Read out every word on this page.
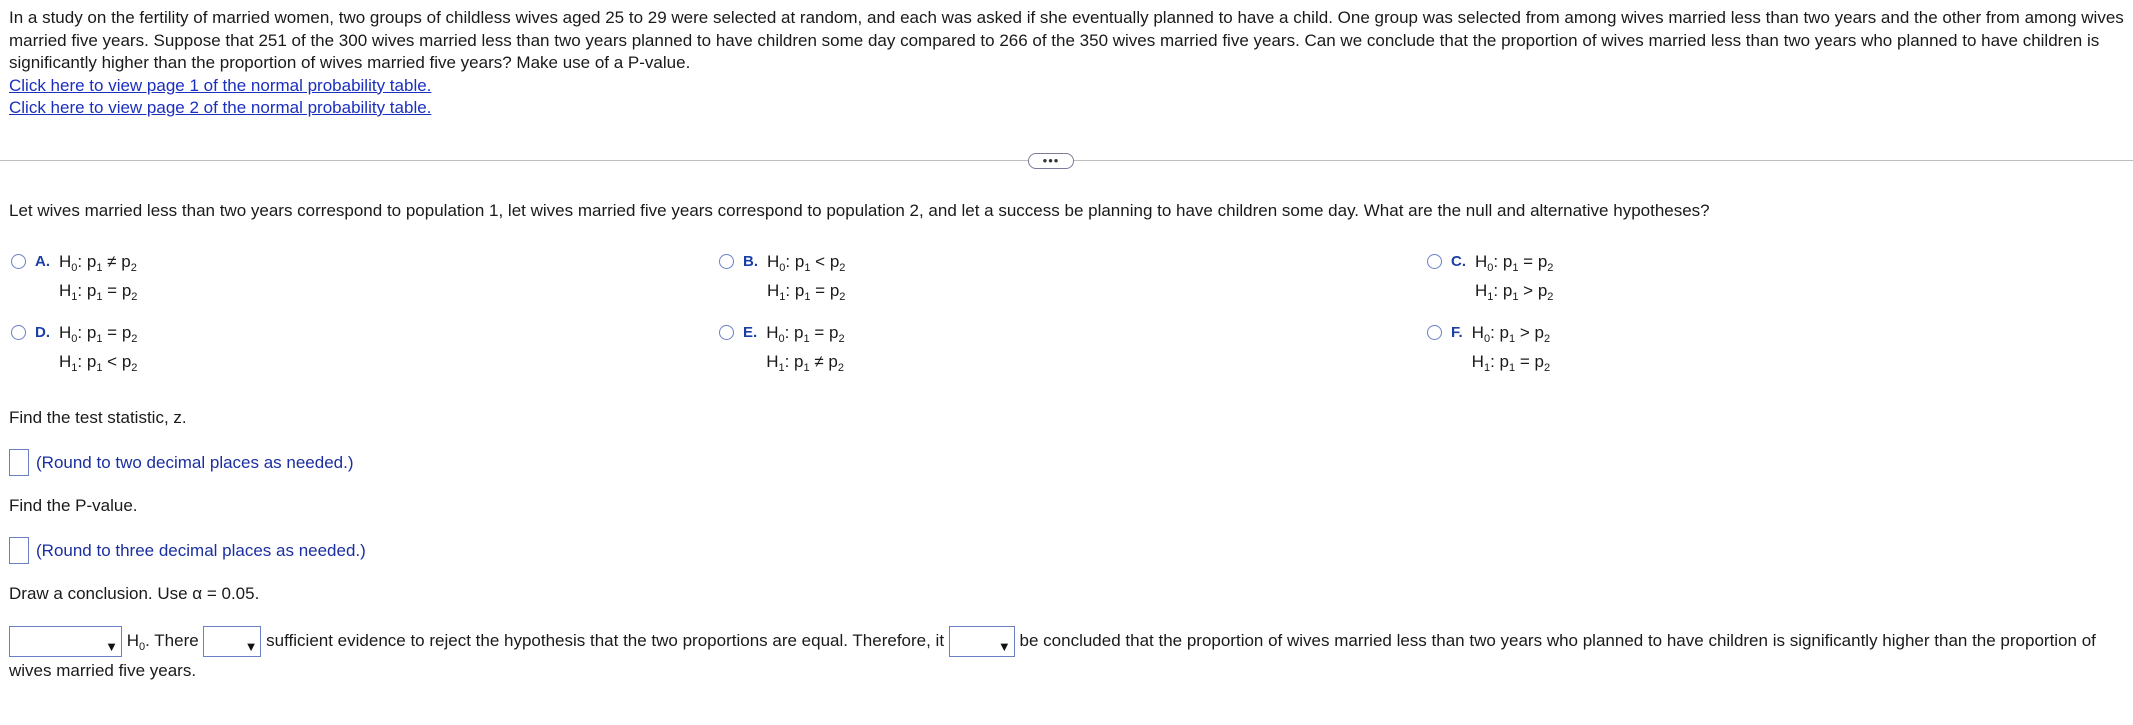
In a study on the fertility of married women, two groups of childless wives aged 25 to 29 were selected at random, and each was asked if she eventually planned to have a child. One group was selected from among wives married less than two years and the other from among wives married five years. Suppose that 251 of the 300 wives married less than two years planned to have children some day compared to 266 of the 350 wives married five years. Can we conclude that the proportion of wives married less than two years who planned to have children is significantly higher than the proportion of wives married five years? Make use of a P-value.

Click here to view page 1 of the normal probability table.
Click here to view page 2 of the normal probability table.
•••
Let wives married less than two years correspond to population 1, let wives married five years correspond to population 2, and let a success be planning to have children some day. What are the null and alternative hypotheses?
A. $H_0$: $p_1 \ne p_2$
$H_1$: $p_1 = p_2$
B. $H_0$: $p_1 < p_2$
$H_1$: $p_1 = p_2$
C. $H_0$: $p_1 = p_2$
$H_1$: $p_1 > p_2$
D. $H_0$: $p_1 = p_2$
$H_1$: $p_1 < p_2$
E. $H_0$: $p_1 = p_2$
$H_1$: $p_1 \ne p_2$
F. $H_0$: $p_1 > p_2$
$H_1$: $p_1 = p_2$
Find the test statistic, z.
(Round to two decimal places as needed.)
Find the P-value.
(Round to three decimal places as needed.)
Draw a conclusion. Use α = 0.05.
▼ $H_0$. There	▼ sufficient evidence to reject the hypothesis that the two proportions are equal. Therefore, it	▼ be concluded that the proportion of wives married less than two years who planned to have children is significantly higher than the proportion of wives married five years.
